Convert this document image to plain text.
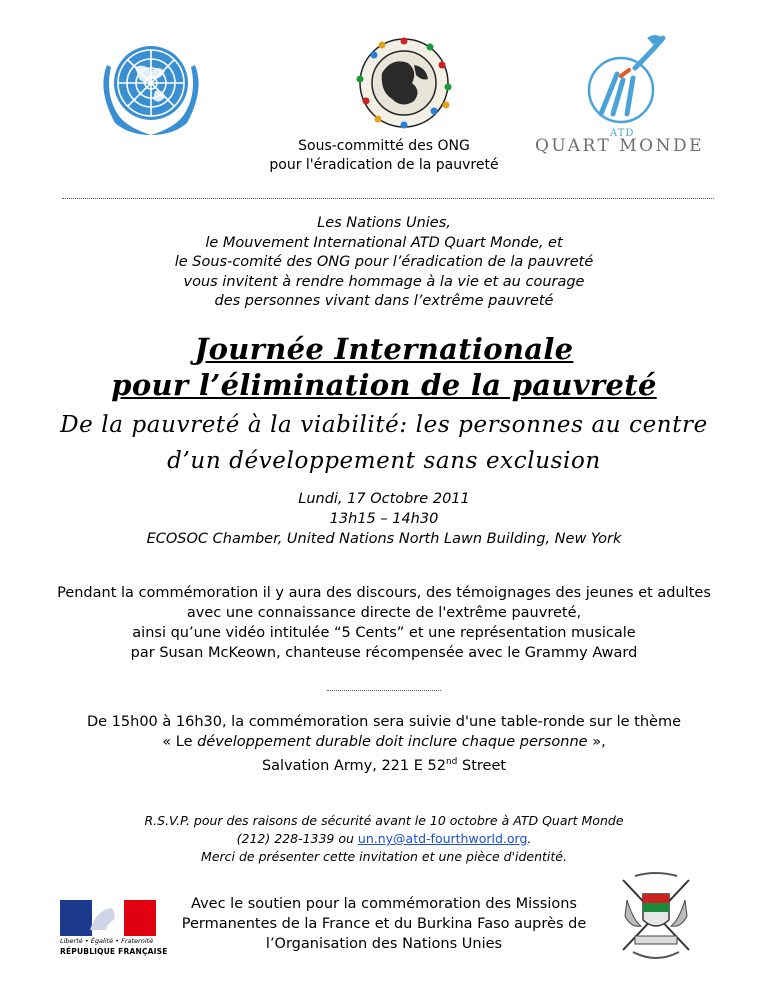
ATD
QUART MONDE
Sous-committé des ONG
pour l'éradication de la pauvreté
Les Nations Unies,
le Mouvement International ATD Quart Monde, et
le Sous-comité des ONG pour l’éradication de la pauvreté
vous invitent à rendre hommage à la vie et au courage
des personnes vivant dans l’extrême pauvreté
Journée Internationale
pour l’élimination de la pauvreté
De la pauvreté à la viabilité: les personnes au centre
d’un développement sans exclusion
Lundi, 17 Octobre 2011
13h15 – 14h30
ECOSOC Chamber, United Nations North Lawn Building, New York
Pendant la commémoration il y aura des discours, des témoignages des jeunes et adultes
avec une connaissance directe de l'extrême pauvreté,
ainsi qu’une vidéo intitulée “5 Cents” et une représentation musicale
par Susan McKeown, chanteuse récompensée avec le Grammy Award
De 15h00 à 16h30, la commémoration sera suivie d'une table-ronde sur le thème
« Le développement durable doit inclure chaque personne »,
Salvation Army, 221 E 52nd Street
R.S.V.P. pour des raisons de sécurité avant le 10 octobre à ATD Quart Monde
(212) 228-1339 ou un.ny@atd-fourthworld.org.
Merci de présenter cette invitation et une pièce d'identité.
Avec le soutien pour la commémoration des Missions
Permanentes de la France et du Burkina Faso auprès de
l’Organisation des Nations Unies
Liberté • Égalité • Fraternité
RÉPUBLIQUE FRANÇAISE
